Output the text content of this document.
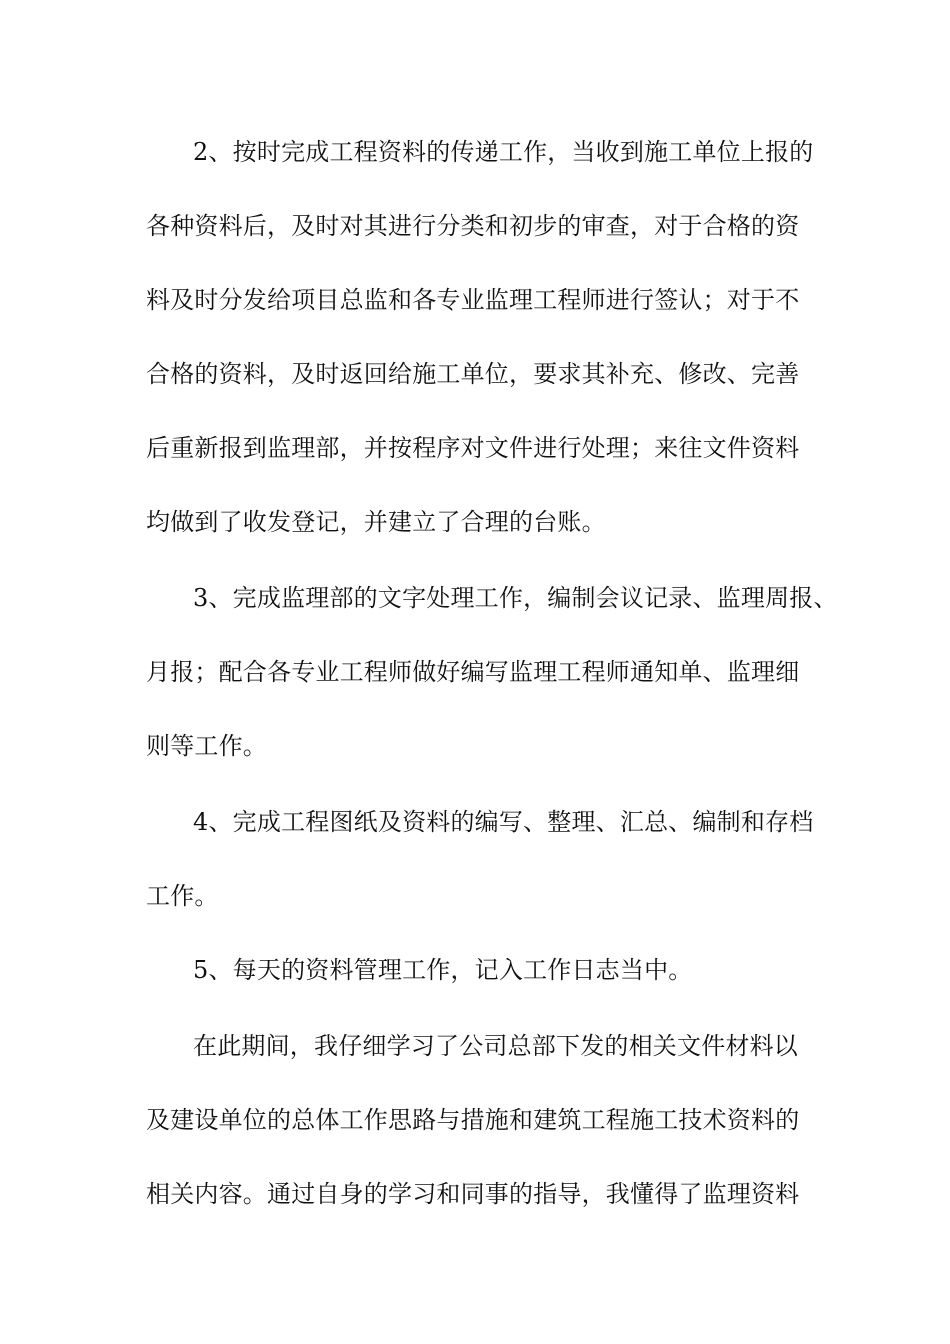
2、按时完成工程资料的传递工作，当收到施工单位上报的
各种资料后，及时对其进行分类和初步的审查，对于合格的资
料及时分发给项目总监和各专业监理工程师进行签认；对于不
合格的资料，及时返回给施工单位，要求其补充、修改、完善
后重新报到监理部，并按程序对文件进行处理；来往文件资料
均做到了收发登记，并建立了合理的台账。
3、完成监理部的文字处理工作，编制会议记录、监理周报、
月报；配合各专业工程师做好编写监理工程师通知单、监理细
则等工作。
4、完成工程图纸及资料的编写、整理、汇总、编制和存档
工作。
5、每天的资料管理工作，记入工作日志当中。
在此期间，我仔细学习了公司总部下发的相关文件材料以
及建设单位的总体工作思路与措施和建筑工程施工技术资料的
相关内容。通过自身的学习和同事的指导，我懂得了监理资料
